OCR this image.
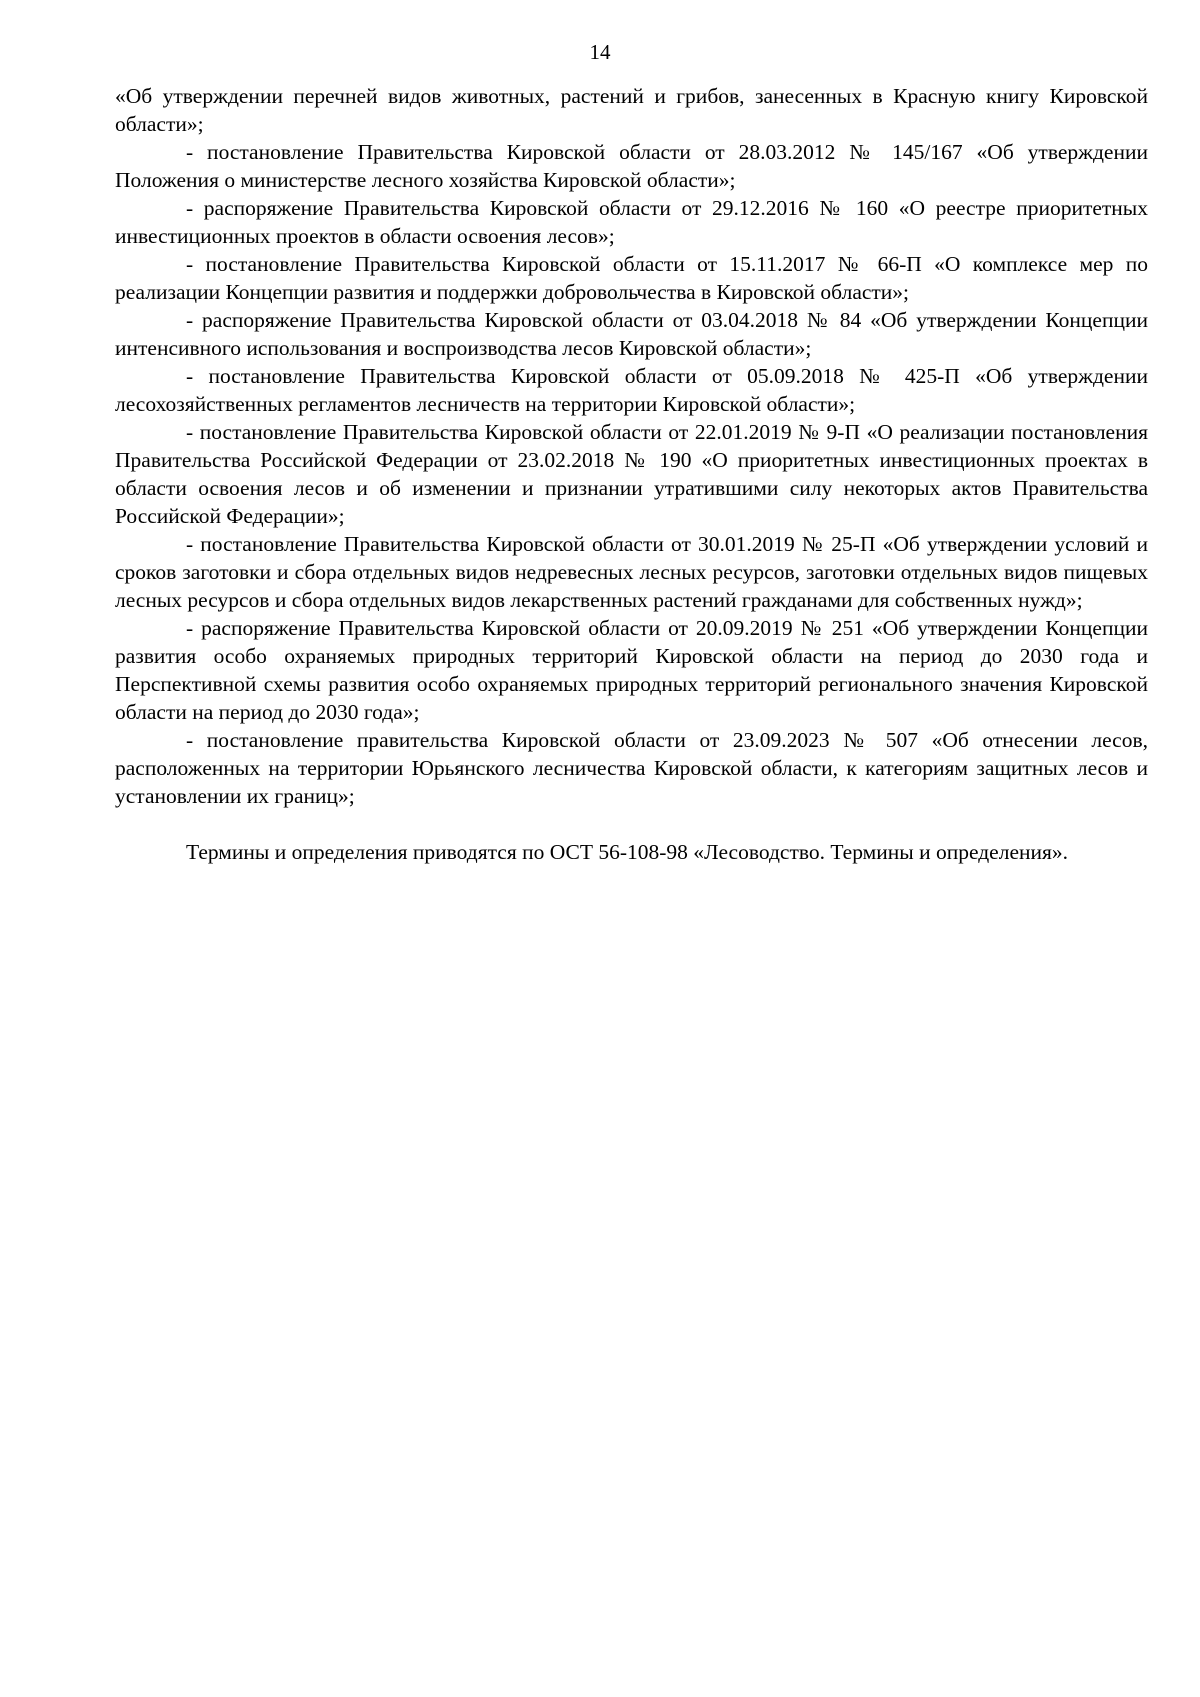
14

«Об утверждении перечней видов животных, растений и грибов, занесенных в Красную книгу Кировской области»;

- постановление Правительства Кировской области от 28.03.2012 № 145/167 «Об утверждении Положения о министерстве лесного хозяйства Кировской области»;

- распоряжение Правительства Кировской области от 29.12.2016 № 160 «О реестре приоритетных инвестиционных проектов в области освоения лесов»;

- постановление Правительства Кировской области от 15.11.2017 № 66-П «О комплексе мер по реализации Концепции развития и поддержки добровольчества в Кировской области»;

- распоряжение Правительства Кировской области от 03.04.2018 № 84 «Об утверждении Концепции интенсивного использования и воспроизводства лесов Кировской области»;

- постановление Правительства Кировской области от 05.09.2018 № 425-П «Об утверждении лесохозяйственных регламентов лесничеств на территории Кировской области»;

- постановление Правительства Кировской области от 22.01.2019 № 9-П «О реализации постановления Правительства Российской Федерации от 23.02.2018 № 190 «О приоритетных инвестиционных проектах в области освоения лесов и об изменении и признании утратившими силу некоторых актов Правительства Российской Федерации»;

- постановление Правительства Кировской области от 30.01.2019 № 25-П «Об утверждении условий и сроков заготовки и сбора отдельных видов недревесных лесных ресурсов, заготовки отдельных видов пищевых лесных ресурсов и сбора отдельных видов лекарственных растений гражданами для собственных нужд»;

- распоряжение Правительства Кировской области от 20.09.2019 № 251 «Об утверждении Концепции развития особо охраняемых природных территорий Кировской области на период до 2030 года и Перспективной схемы развития особо охраняемых природных территорий регионального значения Кировской области на период до 2030 года»;

- постановление правительства Кировской области от 23.09.2023 № 507 «Об отнесении лесов, расположенных на территории Юрьянского лесничества Кировской области, к категориям защитных лесов и установлении их границ»;

Термины и определения приводятся по ОСТ 56-108-98 «Лесоводство. Термины и определения».
